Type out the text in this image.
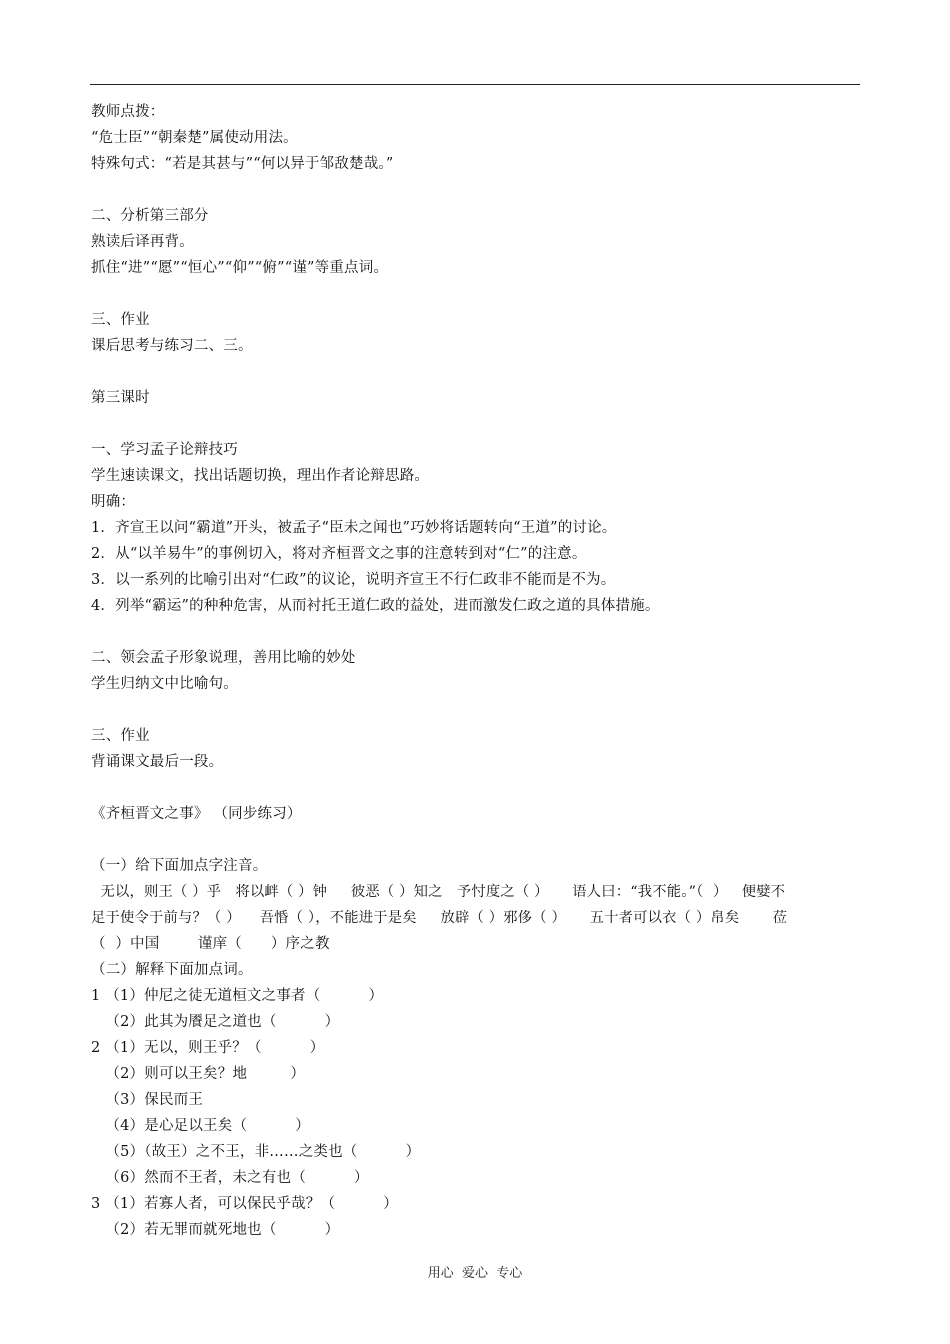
教师点拨：
“危士臣”“朝秦楚”属使动用法。
特殊句式：“若是其甚与”“何以异于邹敌楚哉。”
二、分析第三部分
熟读后译再背。
抓住“进”“愿”“恒心”“仰”“俯”“谨”等重点词。
三、作业
课后思考与练习二、三。
第三课时
一、学习孟子论辩技巧
学生速读课文，找出话题切换，理出作者论辩思路。
明确：
1．齐宣王以问“霸道”开头，被孟子“臣未之闻也”巧妙将话题转向“王道”的讨论。
2．从“以羊易牛”的事例切入，将对齐桓晋文之事的注意转到对“仁”的注意。
3．以一系列的比喻引出对“仁政”的议论，说明齐宣王不行仁政非不能而是不为。
4．列举“霸运”的种种危害，从而衬托王道仁政的益处，进而激发仁政之道的具体措施。
二、领会孟子形象说理，善用比喻的妙处
学生归纳文中比喻句。
三、作业
背诵课文最后一段。
《齐桓晋文之事》 （同步练习）
（一）给下面加点字注音。
无以，则王（ ）乎   将以衅（ ）钟     彼恶（ ）知之   予忖度之（ ）     语人曰：“我不能。”（  ）   便嬖不
足于使令于前与？（ ）    吾惛（ ），不能进于是矣     放辟（ ）邪侈（ ）     五十者可以衣（ ）帛矣       莅
（  ）中国        谨庠（      ）序之教
（二）解释下面加点词。
1 （1）仲尼之徒无道桓文之事者（          ）
（2）此其为餍足之道也（          ）
2 （1）无以，则王乎？（          ）
（2）则可以王矣？地         ）
（3）保民而王
（4）是心足以王矣（          ）
（5）（故王）之不王，非……之类也（          ）
（6）然而不王者，未之有也（          ）
3 （1）若寡人者，可以保民乎哉？（          ）
（2）若无罪而就死地也（          ）
用心  爱心  专心
